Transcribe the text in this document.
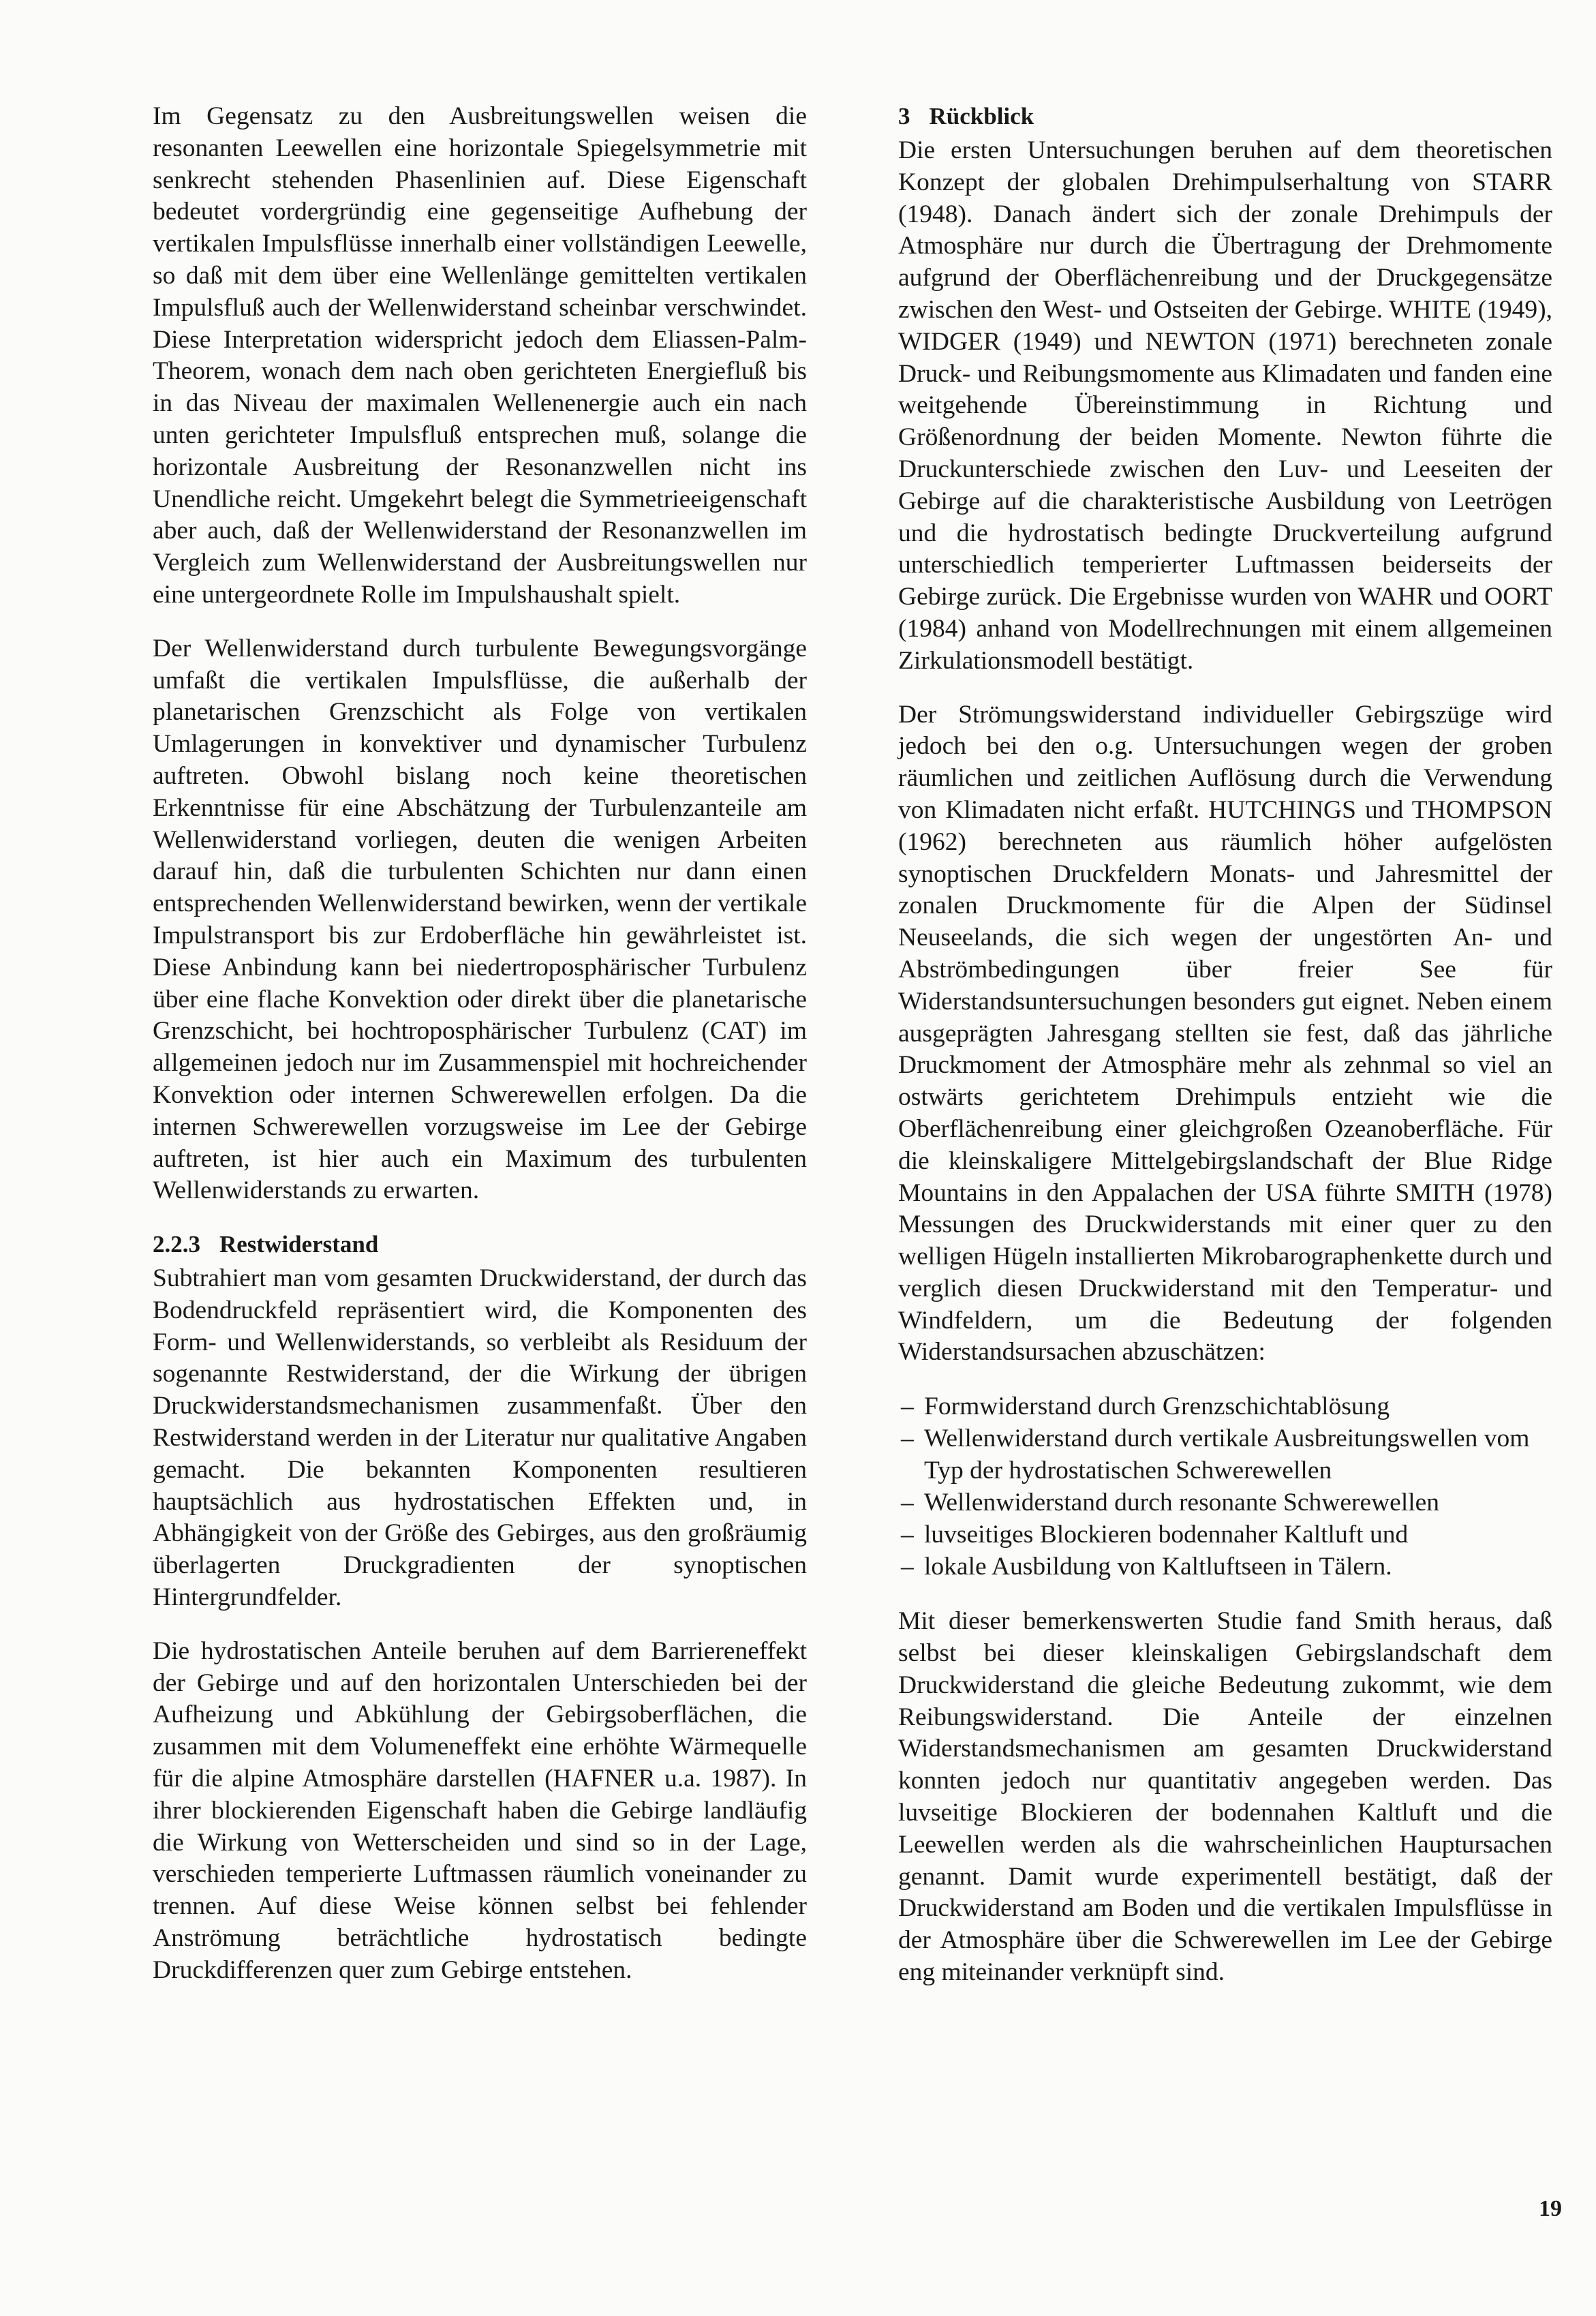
Im Gegensatz zu den Ausbreitungswellen weisen die resonanten Leewellen eine horizontale Spiegelsymmetrie mit senkrecht stehenden Phasenlinien auf. Diese Eigenschaft bedeutet vordergründig eine gegenseitige Aufhebung der vertikalen Impulsflüsse innerhalb einer vollständigen Leewelle, so daß mit dem über eine Wellenlänge gemittelten vertikalen Impulsfluß auch der Wellenwiderstand scheinbar verschwindet. Diese Interpretation widerspricht jedoch dem Eliassen-Palm-Theorem, wonach dem nach oben gerichteten Energiefluß bis in das Niveau der maximalen Wellenenergie auch ein nach unten gerichteter Impulsfluß entsprechen muß, solange die horizontale Ausbreitung der Resonanzwellen nicht ins Unendliche reicht. Umgekehrt belegt die Symmetrieeigenschaft aber auch, daß der Wellenwiderstand der Resonanzwellen im Vergleich zum Wellenwiderstand der Ausbreitungswellen nur eine untergeordnete Rolle im Impulshaushalt spielt.

Der Wellenwiderstand durch turbulente Bewegungsvorgänge umfaßt die vertikalen Impulsflüsse, die außerhalb der planetarischen Grenzschicht als Folge von vertikalen Umlagerungen in konvektiver und dynamischer Turbulenz auftreten. Obwohl bislang noch keine theoretischen Erkenntnisse für eine Abschätzung der Turbulenzanteile am Wellenwiderstand vorliegen, deuten die wenigen Arbeiten darauf hin, daß die turbulenten Schichten nur dann einen entsprechenden Wellenwiderstand bewirken, wenn der vertikale Impulstransport bis zur Erdoberfläche hin gewährleistet ist. Diese Anbindung kann bei niedertroposphärischer Turbulenz über eine flache Konvektion oder direkt über die planetarische Grenzschicht, bei hochtroposphärischer Turbulenz (CAT) im allgemeinen jedoch nur im Zusammenspiel mit hochreichender Konvektion oder internen Schwerewellen erfolgen. Da die internen Schwerewellen vorzugsweise im Lee der Gebirge auftreten, ist hier auch ein Maximum des turbulenten Wellenwiderstands zu erwarten.

2.2.3 Restwiderstand

Subtrahiert man vom gesamten Druckwiderstand, der durch das Bodendruckfeld repräsentiert wird, die Komponenten des Form- und Wellenwiderstands, so verbleibt als Residuum der sogenannte Restwiderstand, der die Wirkung der übrigen Druckwiderstandsmechanismen zusammenfaßt. Über den Restwiderstand werden in der Literatur nur qualitative Angaben gemacht. Die bekannten Komponenten resultieren hauptsächlich aus hydrostatischen Effekten und, in Abhängigkeit von der Größe des Gebirges, aus den großräumig überlagerten Druckgradienten der synoptischen Hintergrundfelder.

Die hydrostatischen Anteile beruhen auf dem Barriereneffekt der Gebirge und auf den horizontalen Unterschieden bei der Aufheizung und Abkühlung der Gebirgsoberflächen, die zusammen mit dem Volumeneffekt eine erhöhte Wärmequelle für die alpine Atmosphäre darstellen (HAFNER u.a. 1987). In ihrer blockierenden Eigenschaft haben die Gebirge landläufig die Wirkung von Wetterscheiden und sind so in der Lage, verschieden temperierte Luftmassen räumlich voneinander zu trennen. Auf diese Weise können selbst bei fehlender Anströmung beträchtliche hydrostatisch bedingte Druckdifferenzen quer zum Gebirge entstehen.

3 Rückblick

Die ersten Untersuchungen beruhen auf dem theoretischen Konzept der globalen Drehimpulserhaltung von STARR (1948). Danach ändert sich der zonale Drehimpuls der Atmosphäre nur durch die Übertragung der Drehmomente aufgrund der Oberflächenreibung und der Druckgegensätze zwischen den West- und Ostseiten der Gebirge. WHITE (1949), WIDGER (1949) und NEWTON (1971) berechneten zonale Druck- und Reibungsmomente aus Klimadaten und fanden eine weitgehende Übereinstimmung in Richtung und Größenordnung der beiden Momente. Newton führte die Druckunterschiede zwischen den Luv- und Leeseiten der Gebirge auf die charakteristische Ausbildung von Leetrögen und die hydrostatisch bedingte Druckverteilung aufgrund unterschiedlich temperierter Luftmassen beiderseits der Gebirge zurück. Die Ergebnisse wurden von WAHR und OORT (1984) anhand von Modellrechnungen mit einem allgemeinen Zirkulationsmodell bestätigt.

Der Strömungswiderstand individueller Gebirgszüge wird jedoch bei den o.g. Untersuchungen wegen der groben räumlichen und zeitlichen Auflösung durch die Verwendung von Klimadaten nicht erfaßt. HUTCHINGS und THOMPSON (1962) berechneten aus räumlich höher aufgelösten synoptischen Druckfeldern Monats- und Jahresmittel der zonalen Druckmomente für die Alpen der Südinsel Neuseelands, die sich wegen der ungestörten An- und Abströmbedingungen über freier See für Widerstandsuntersuchungen besonders gut eignet. Neben einem ausgeprägten Jahresgang stellten sie fest, daß das jährliche Druckmoment der Atmosphäre mehr als zehnmal so viel an ostwärts gerichtetem Drehimpuls entzieht wie die Oberflächenreibung einer gleichgroßen Ozeanoberfläche. Für die kleinskaligere Mittelgebirgslandschaft der Blue Ridge Mountains in den Appalachen der USA führte SMITH (1978) Messungen des Druckwiderstands mit einer quer zu den welligen Hügeln installierten Mikrobarographenkette durch und verglich diesen Druckwiderstand mit den Temperatur- und Windfeldern, um die Bedeutung der folgenden Widerstandsursachen abzuschätzen:

– Formwiderstand durch Grenzschichtablösung
– Wellenwiderstand durch vertikale Ausbreitungswellen vom Typ der hydrostatischen Schwerewellen
– Wellenwiderstand durch resonante Schwerewellen
– luvseitiges Blockieren bodennaher Kaltluft und
– lokale Ausbildung von Kaltluftseen in Tälern.

Mit dieser bemerkenswerten Studie fand Smith heraus, daß selbst bei dieser kleinskaligen Gebirgslandschaft dem Druckwiderstand die gleiche Bedeutung zukommt, wie dem Reibungswiderstand. Die Anteile der einzelnen Widerstandsmechanismen am gesamten Druckwiderstand konnten jedoch nur quantitativ angegeben werden. Das luvseitige Blockieren der bodennahen Kaltluft und die Leewellen werden als die wahrscheinlichen Hauptursachen genannt. Damit wurde experimentell bestätigt, daß der Druckwiderstand am Boden und die vertikalen Impulsflüsse in der Atmosphäre über die Schwerewellen im Lee der Gebirge eng miteinander verknüpft sind.

19
